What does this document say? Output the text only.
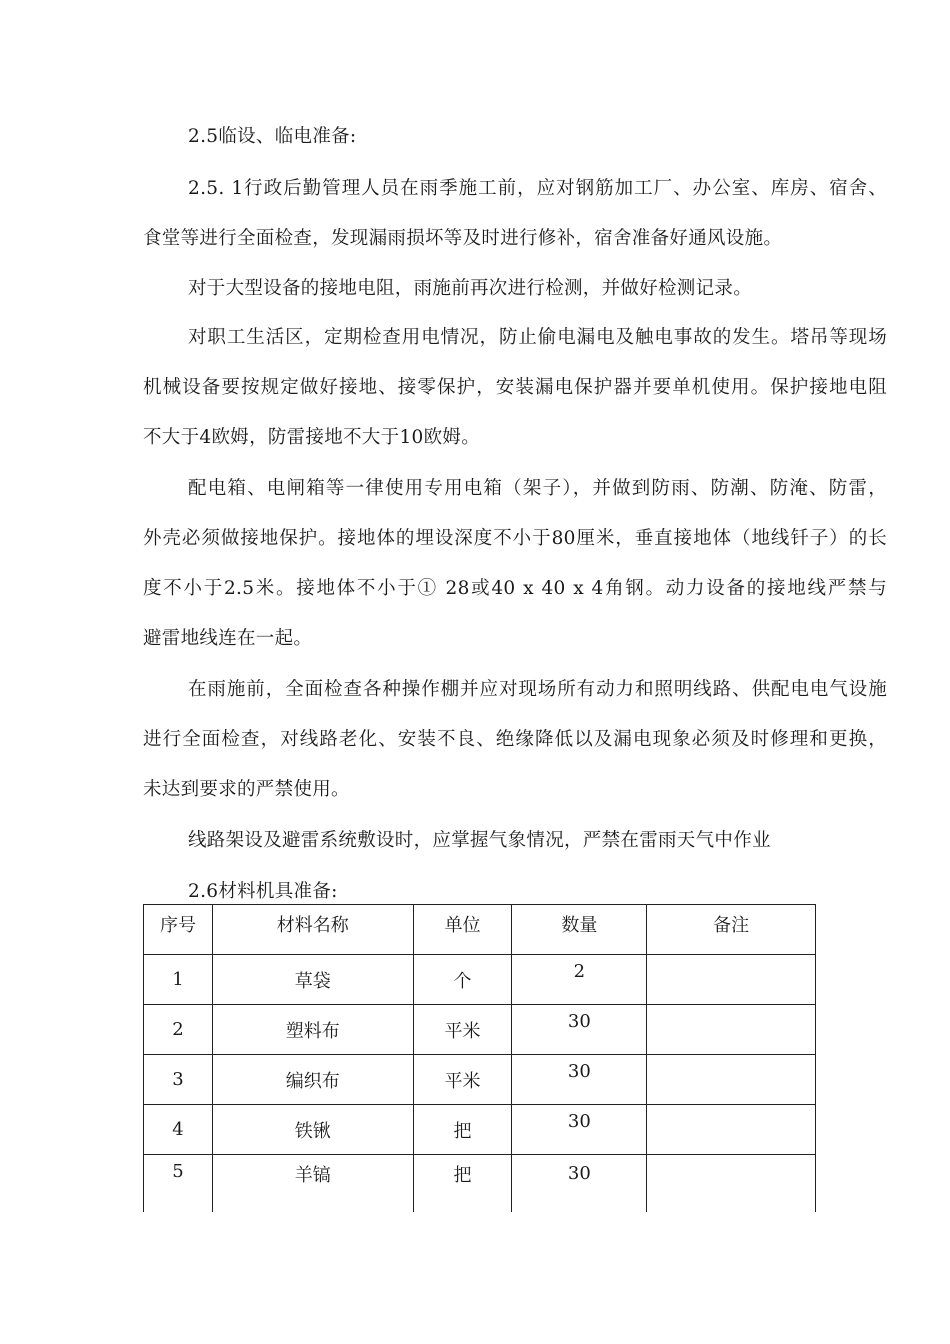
2.5临设、临电准备:
2.5. 1行政后勤管理人员在雨季施工前，应对钢筋加工厂、办公室、库房、宿舍、
食堂等进行全面检查，发现漏雨损坏等及时进行修补，宿舍准备好通风设施。
对于大型设备的接地电阻，雨施前再次进行检测，并做好检测记录。
对职工生活区，定期检查用电情况，防止偷电漏电及触电事故的发生。塔吊等现场
机械设备要按规定做好接地、接零保护，安装漏电保护器并要单机使用。保护接地电阻
不大于4欧姆，防雷接地不大于10欧姆。
配电箱、电闸箱等一律使用专用电箱（架子），并做到防雨、防潮、防淹、防雷，
外壳必须做接地保护。接地体的埋设深度不小于80厘米，垂直接地体（地线钎子）的长
度不小于2.5米。接地体不小于① 28或40 x 40 x 4角钢。动力设备的接地线严禁与
避雷地线连在一起。
在雨施前，全面检查各种操作棚并应对现场所有动力和照明线路、供配电电气设施
进行全面检查，对线路老化、安装不良、绝缘降低以及漏电现象必须及时修理和更换，
未达到要求的严禁使用。
线路架设及避雷系统敷设时，应掌握气象情况，严禁在雷雨天气中作业
2.6材料机具准备:
序号	材料名称	单位	数量	备注
1	草袋	个	2	
2	塑料布	平米	30	
3	编织布	平米	30	
4	铁锹	把	30	
5	羊镐	把	30	
